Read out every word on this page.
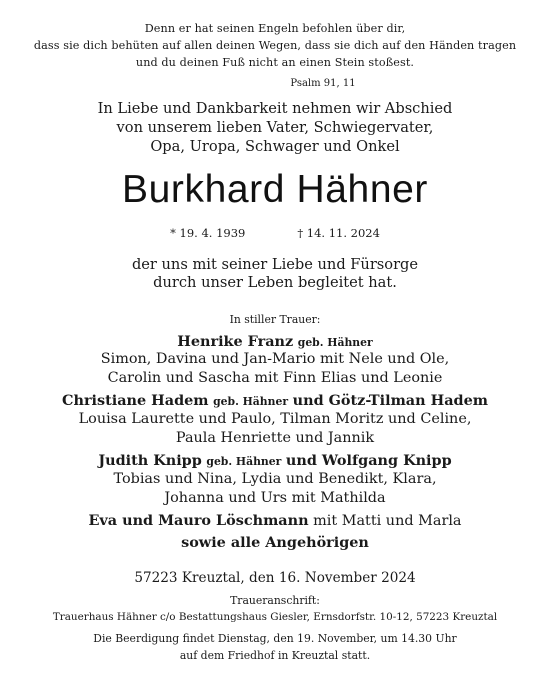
Denn er hat seinen Engeln befohlen über dir,
dass sie dich behüten auf allen deinen Wegen, dass sie dich auf den Händen tragen
und du deinen Fuß nicht an einen Stein stoßest.
Psalm 91, 11
In Liebe und Dankbarkeit nehmen wir Abschied
von unserem lieben Vater, Schwiegervater,
Opa, Uropa, Schwager und Onkel
Burkhard Hähner
* 19. 4. 1939	† 14. 11. 2024
der uns mit seiner Liebe und Fürsorge
durch unser Leben begleitet hat.
In stiller Trauer:
Henrike Franz geb. Hähner
Simon, Davina und Jan-Mario mit Nele und Ole,
Carolin und Sascha mit Finn Elias und Leonie
Christiane Hadem geb. Hähner und Götz-Tilman Hadem
Louisa Laurette und Paulo, Tilman Moritz und Celine,
Paula Henriette und Jannik
Judith Knipp geb. Hähner und Wolfgang Knipp
Tobias und Nina, Lydia und Benedikt, Klara,
Johanna und Urs mit Mathilda
Eva und Mauro Löschmann mit Matti und Marla
sowie alle Angehörigen
57223 Kreuztal, den 16. November 2024
Traueranschrift:
Trauerhaus Hähner c/o Bestattungshaus Giesler, Ernsdorfstr. 10-12, 57223 Kreuztal
Die Beerdigung findet Dienstag, den 19. November, um 14.30 Uhr
auf dem Friedhof in Kreuztal statt.
